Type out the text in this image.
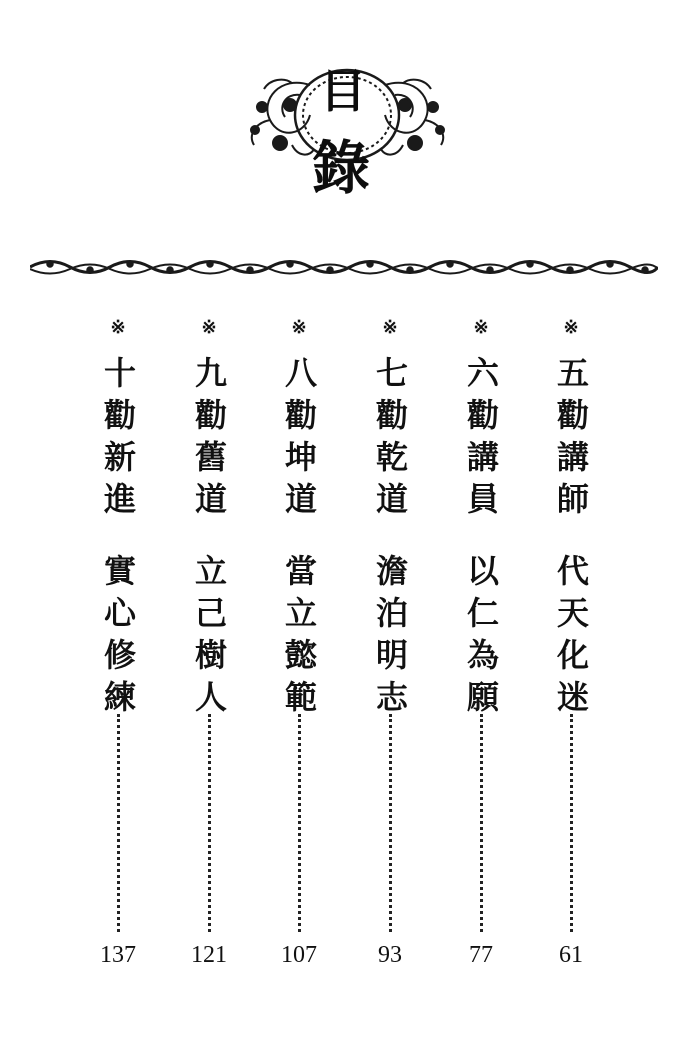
目
錄
※
五勸講師
代天化迷
61
※
六勸講員
以仁為願
77
※
七勸乾道
澹泊明志
93
※
八勸坤道
當立懿範
107
※
九勸舊道
立己樹人
121
※
十勸新進
實心修練
137
